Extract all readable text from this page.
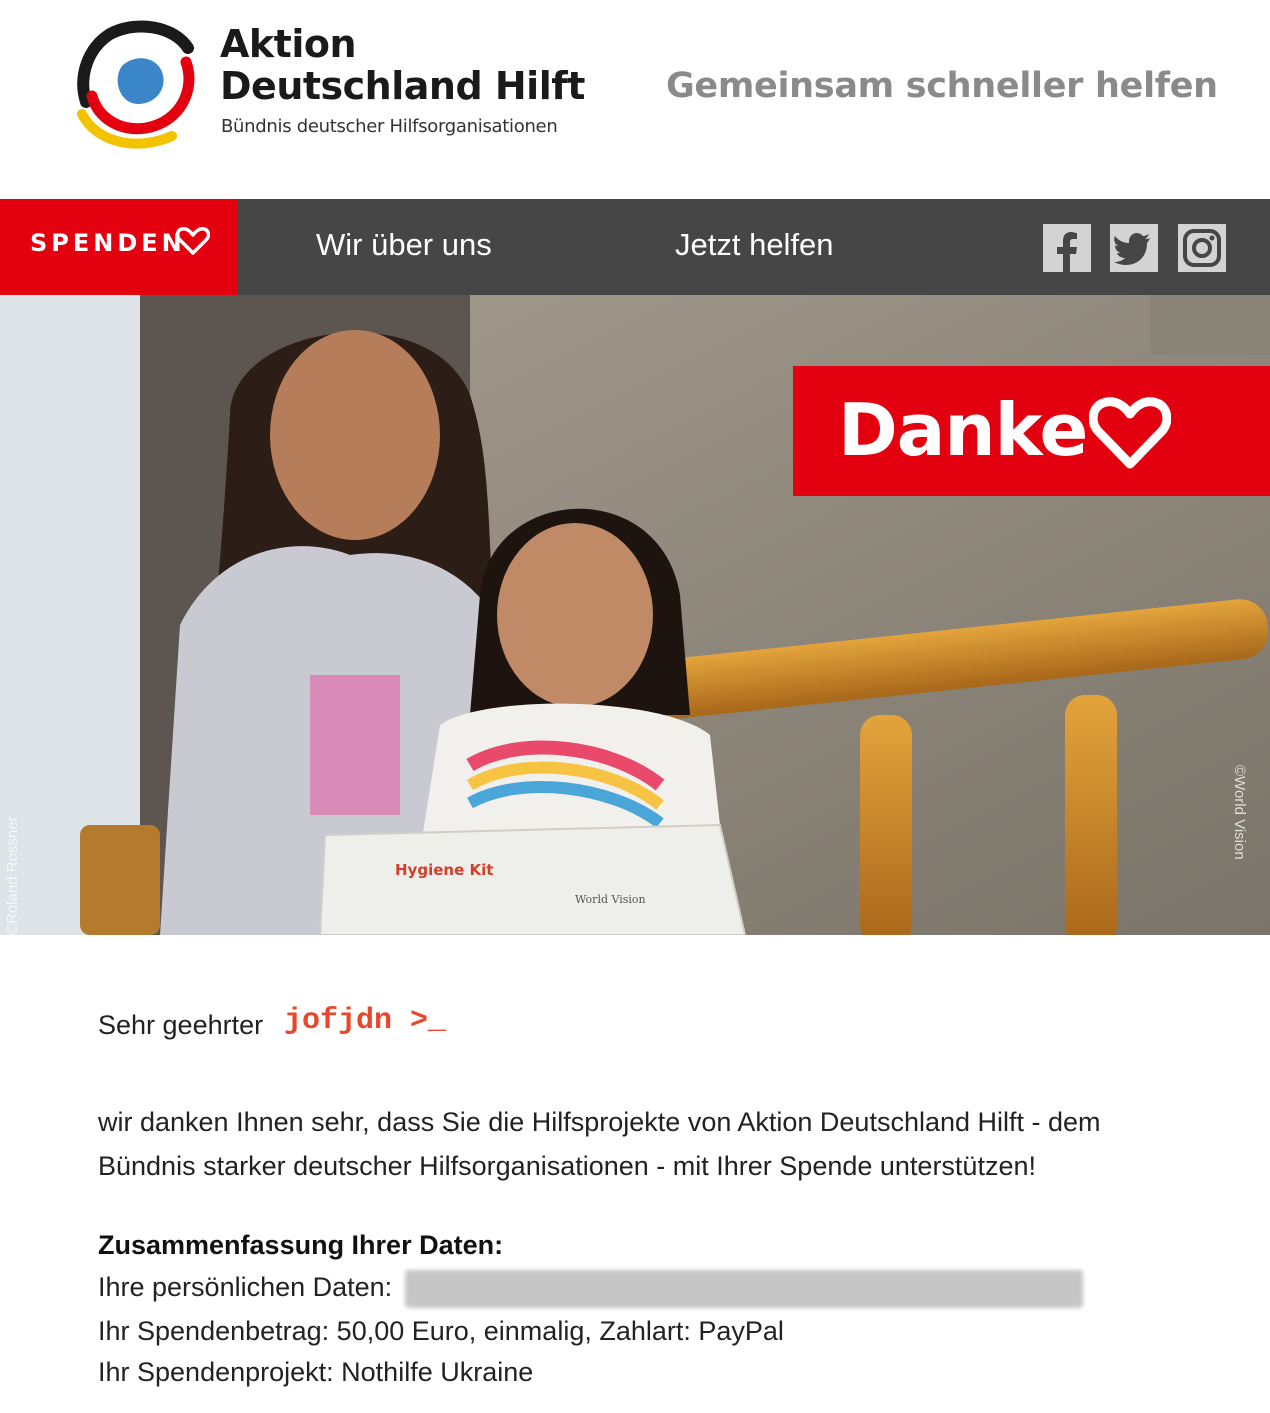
Aktion
Deutschland Hilft
Bündnis deutscher Hilfsorganisationen
Gemeinsam schneller helfen
SPENDEN	Wir über uns	Jetzt helfen
Hygiene Kit
World Vision
©Roland Rossner
©World Vision
Danke
Sehr geehrter jofjdn >_
wir danken Ihnen sehr, dass Sie die Hilfsprojekte von Aktion Deutschland Hilft - dem Bündnis starker deutscher Hilfsorganisationen - mit Ihrer Spende unterstützen!
Zusammenfassung Ihrer Daten:
Ihre persönlichen Daten:
Ihr Spendenbetrag: 50,00 Euro, einmalig, Zahlart: PayPal
Ihr Spendenprojekt: Nothilfe Ukraine
